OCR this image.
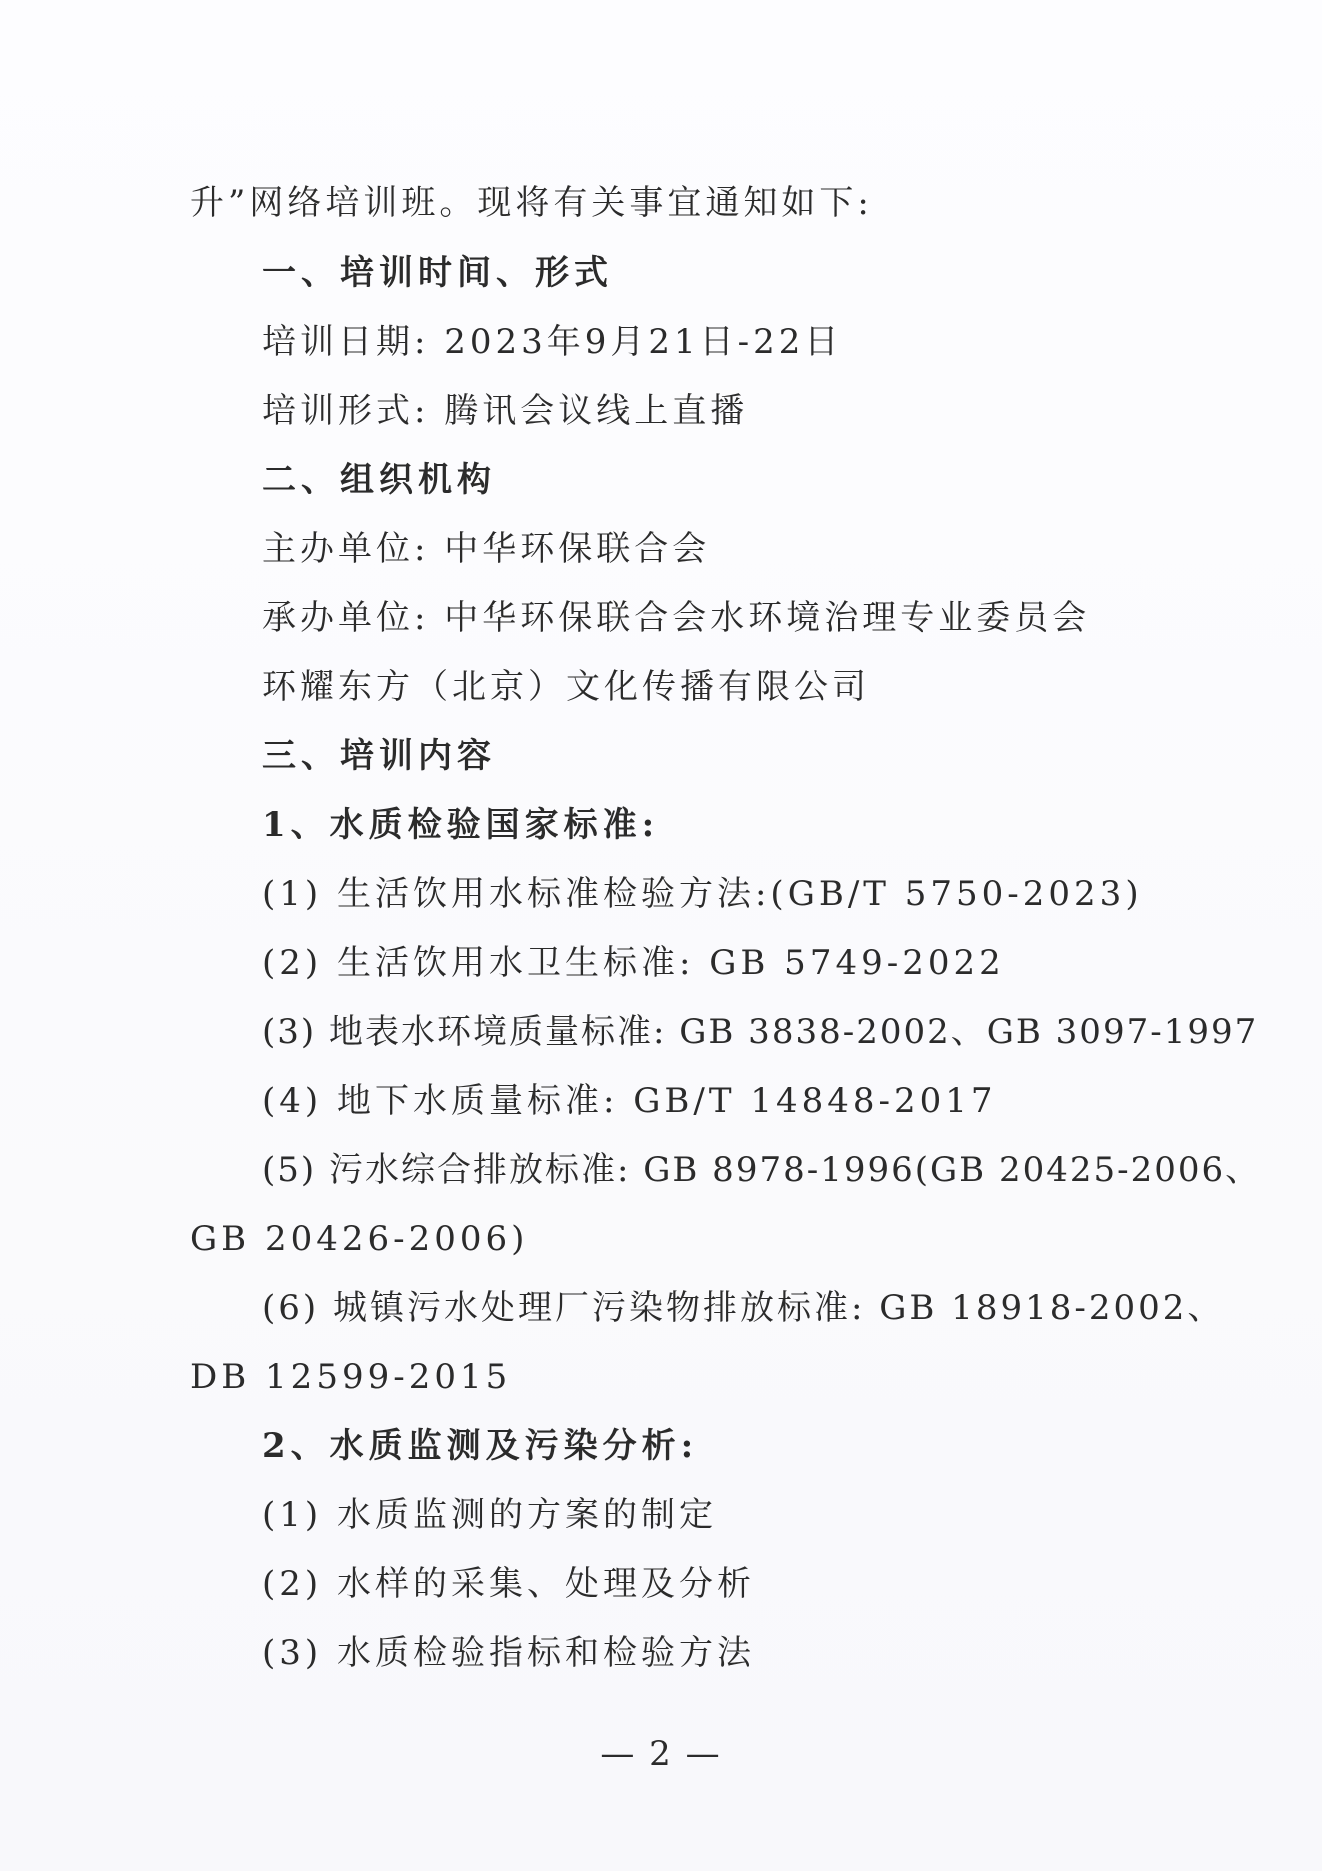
升”网络培训班。现将有关事宜通知如下:
一、培训时间、形式
培训日期: 2023年9月21日-22日
培训形式: 腾讯会议线上直播
二、组织机构
主办单位: 中华环保联合会
承办单位: 中华环保联合会水环境治理专业委员会
环耀东方（北京）文化传播有限公司
三、培训内容
1、水质检验国家标准:
(1) 生活饮用水标准检验方法:(GB/T 5750-2023)
(2) 生活饮用水卫生标准: GB 5749-2022
(3) 地表水环境质量标准: GB 3838-2002、GB 3097-1997
(4) 地下水质量标准: GB/T 14848-2017
(5) 污水综合排放标准: GB 8978-1996(GB 20425-2006、
GB 20426-2006)
(6) 城镇污水处理厂污染物排放标准: GB 18918-2002、
DB 12599-2015
2、水质监测及污染分析:
(1) 水质监测的方案的制定
(2) 水样的采集、处理及分析
(3) 水质检验指标和检验方法
— 2 —
